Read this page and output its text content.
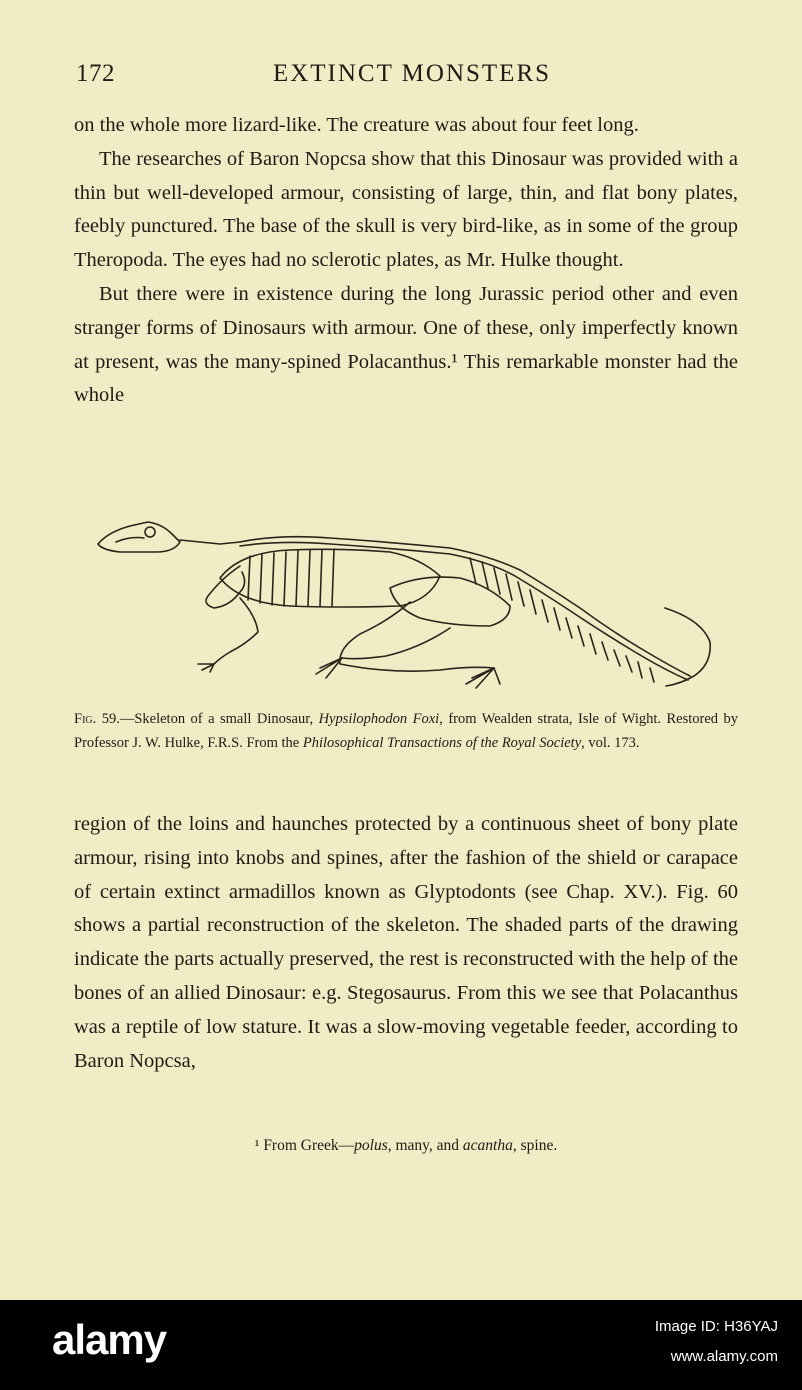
172	EXTINCT MONSTERS

on the whole more lizard-like. The creature was about four feet long.

The researches of Baron Nopcsa show that this Dinosaur was provided with a thin but well-developed armour, consisting of large, thin, and flat bony plates, feebly punctured. The base of the skull is very bird-like, as in some of the group Theropoda. The eyes had no sclerotic plates, as Mr. Hulke thought.

But there were in existence during the long Jurassic period other and even stranger forms of Dinosaurs with armour. One of these, only imperfectly known at present, was the many-spined Polacanthus.¹ This remarkable monster had the whole

Fig. 59.—Skeleton of a small Dinosaur, Hypsilophodon Foxi, from Wealden strata, Isle of Wight. Restored by Professor J. W. Hulke, F.R.S. From the Philosophical Transactions of the Royal Society, vol. 173.

region of the loins and haunches protected by a continuous sheet of bony plate armour, rising into knobs and spines, after the fashion of the shield or carapace of certain extinct armadillos known as Glyptodonts (see Chap. XV.). Fig. 60 shows a partial reconstruction of the skeleton. The shaded parts of the drawing indicate the parts actually preserved, the rest is reconstructed with the help of the bones of an allied Dinosaur: e.g. Stegosaurus. From this we see that Polacanthus was a reptile of low stature. It was a slow-moving vegetable feeder, according to Baron Nopcsa,

¹ From Greek—polus, many, and acantha, spine.
alamy	Image ID: H36YAJ
www.alamy.com
